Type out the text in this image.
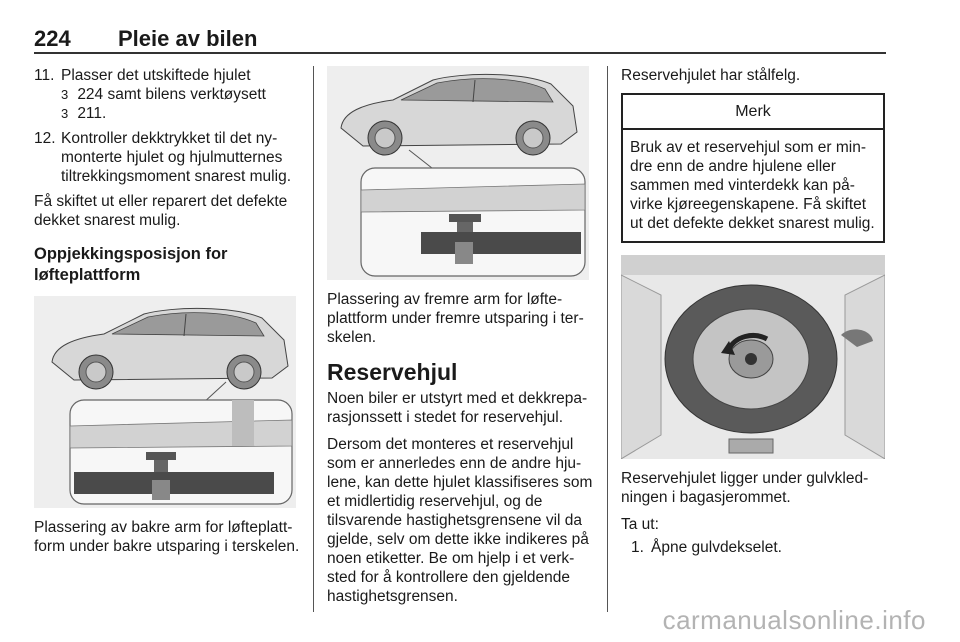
224 Pleie av bilen
11. Plasser det utskiftede hjulet
3 224 samt bilens verktøysett
3 211.
12. Kontroller dekktrykket til det nymonterte hjulet og hjulmutternes tiltrekkingsmoment snarest mulig.

Få skiftet ut eller reparert det defekte dekket snarest mulig.

Oppjekkingsposisjon for løfteplattform

Plassering av bakre arm for løfteplattform under bakre utsparing i terskelen.

Plassering av fremre arm for løfteplattform under fremre utsparing i terskelen.

Reservehjul

Noen biler er utstyrt med et dekkreparasjonssett i stedet for reservehjul.

Dersom det monteres et reservehjul som er annerledes enn de andre hjulene, kan dette hjulet klassifiseres som et midlertidig reservehjul, og de tilsvarende hastighetsgrensene vil da gjelde, selv om dette ikke indikeres på noen etiketter. Be om hjelp i et verksted for å kontrollere den gjeldende hastighetsgrensen.

Reservehjulet har stålfelg.

Merk
Bruk av et reservehjul som er mindre enn de andre hjulene eller sammen med vinterdekk kan påvirke kjøreegenskapene. Få skiftet ut det defekte dekket snarest mulig.

Reservehjulet ligger under gulvkledningen i bagasjerommet.

Ta ut:

1. Åpne gulvdekselet.
carmanualsonline.info
